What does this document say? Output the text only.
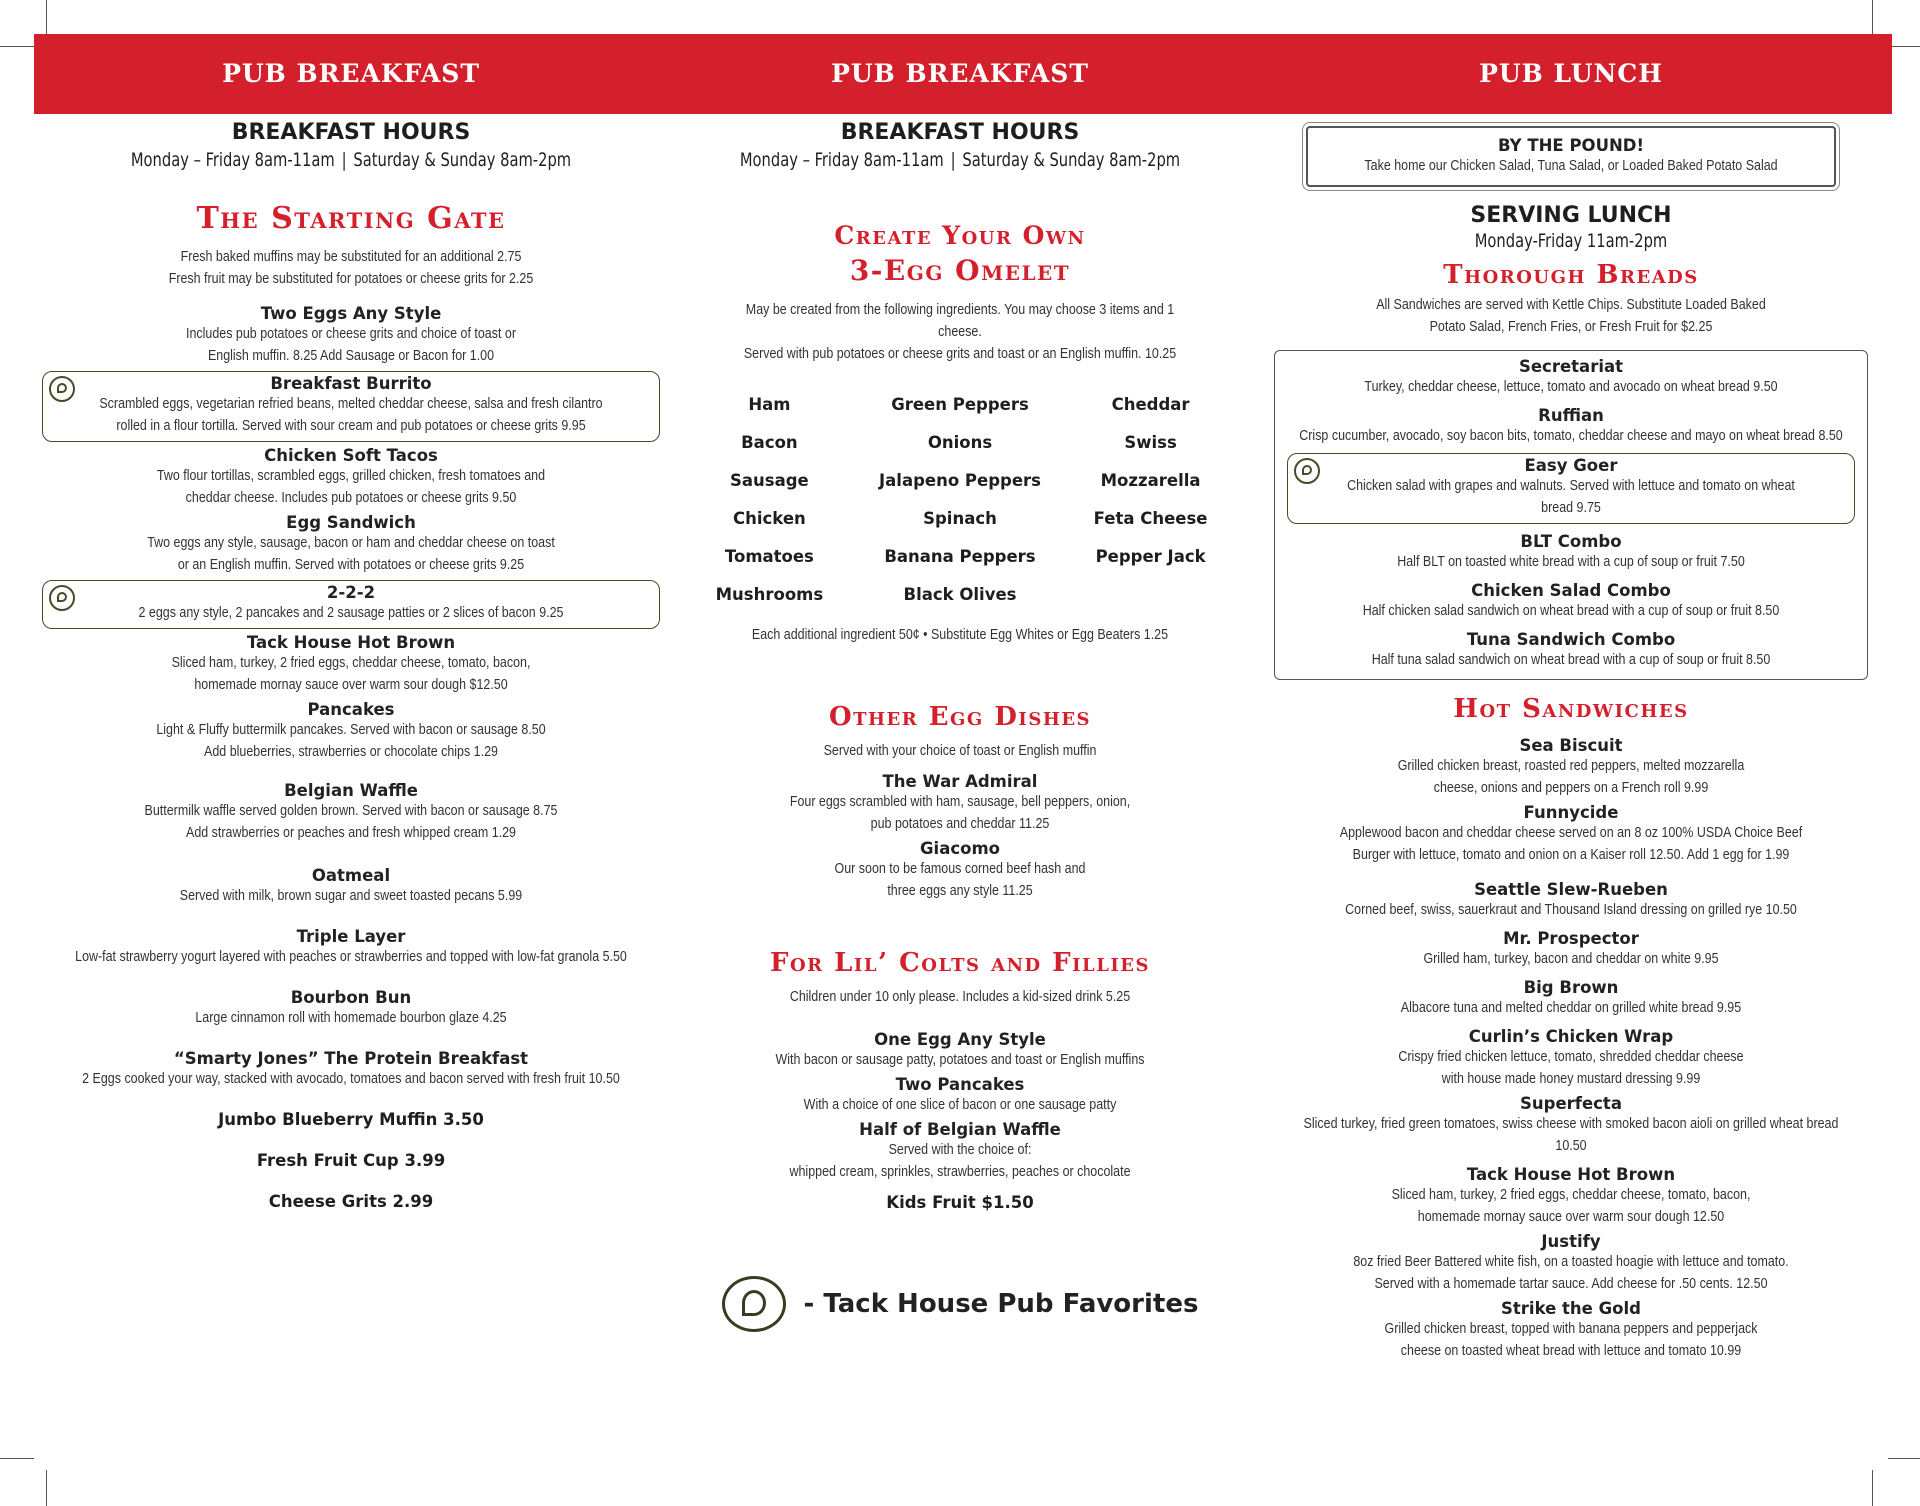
PUB BREAKFAST	PUB BREAKFAST	PUB LUNCH
BREAKFAST HOURS
Monday – Friday 8am-11am | Saturday & Sunday 8am-2pm
The Starting Gate
Fresh baked muffins may be substituted for an additional 2.75
Fresh fruit may be substituted for potatoes or cheese grits for 2.25
Two Eggs Any Style
Includes pub potatoes or cheese grits and choice of toast or
English muffin. 8.25 Add Sausage or Bacon for 1.00
Breakfast Burrito
Scrambled eggs, vegetarian refried beans, melted cheddar cheese, salsa and fresh cilantro
rolled in a flour tortilla. Served with sour cream and pub potatoes or cheese grits 9.95
Chicken Soft Tacos
Two flour tortillas, scrambled eggs, grilled chicken, fresh tomatoes and
cheddar cheese. Includes pub potatoes or cheese grits 9.50
Egg Sandwich
Two eggs any style, sausage, bacon or ham and cheddar cheese on toast
or an English muffin. Served with potatoes or cheese grits 9.25
2-2-2
2 eggs any style, 2 pancakes and 2 sausage patties or 2 slices of bacon 9.25
Tack House Hot Brown
Sliced ham, turkey, 2 fried eggs, cheddar cheese, tomato, bacon,
homemade mornay sauce over warm sour dough $12.50
Pancakes
Light & Fluffy buttermilk pancakes. Served with bacon or sausage 8.50
Add blueberries, strawberries or chocolate chips 1.29
Belgian Waffle
Buttermilk waffle served golden brown. Served with bacon or sausage 8.75
Add strawberries or peaches and fresh whipped cream 1.29
Oatmeal
Served with milk, brown sugar and sweet toasted pecans 5.99
Triple Layer
Low-fat strawberry yogurt layered with peaches or strawberries and topped with low-fat granola 5.50
Bourbon Bun
Large cinnamon roll with homemade bourbon glaze 4.25
“Smarty Jones” The Protein Breakfast
2 Eggs cooked your way, stacked with avocado, tomatoes and bacon served with fresh fruit 10.50
Jumbo Blueberry Muffin 3.50
Fresh Fruit Cup 3.99
Cheese Grits 2.99
BREAKFAST HOURS
Monday – Friday 8am-11am | Saturday & Sunday 8am-2pm
Create Your Own
3-Egg Omelet
May be created from the following ingredients. You may choose 3 items and 1 cheese.
Served with pub potatoes or cheese grits and toast or an English muffin. 10.25
Ham	Green Peppers	Cheddar
Bacon	Onions	Swiss
Sausage	Jalapeno Peppers	Mozzarella
Chicken	Spinach	Feta Cheese
Tomatoes	Banana Peppers	Pepper Jack
Mushrooms	Black Olives
Each additional ingredient 50¢ • Substitute Egg Whites or Egg Beaters 1.25
Other Egg Dishes
Served with your choice of toast or English muffin
The War Admiral
Four eggs scrambled with ham, sausage, bell peppers, onion,
pub potatoes and cheddar 11.25
Giacomo
Our soon to be famous corned beef hash and
three eggs any style 11.25
For Lil’ Colts and Fillies
Children under 10 only please. Includes a kid-sized drink 5.25
One Egg Any Style
With bacon or sausage patty, potatoes and toast or English muffins
Two Pancakes
With a choice of one slice of bacon or one sausage patty
Half of Belgian Waffle
Served with the choice of:
whipped cream, sprinkles, strawberries, peaches or chocolate
Kids Fruit $1.50
- Tack House Pub Favorites
BY THE POUND!
Take home our Chicken Salad, Tuna Salad, or Loaded Baked Potato Salad
SERVING LUNCH
Monday-Friday 11am-2pm
Thorough Breads
All Sandwiches are served with Kettle Chips. Substitute Loaded Baked
Potato Salad, French Fries, or Fresh Fruit for $2.25
Secretariat
Turkey, cheddar cheese, lettuce, tomato and avocado on wheat bread 9.50
Ruffian
Crisp cucumber, avocado, soy bacon bits, tomato, cheddar cheese and mayo on wheat bread 8.50
Easy Goer
Chicken salad with grapes and walnuts. Served with lettuce and tomato on wheat bread 9.75
BLT Combo
Half BLT on toasted white bread with a cup of soup or fruit 7.50
Chicken Salad Combo
Half chicken salad sandwich on wheat bread with a cup of soup or fruit 8.50
Tuna Sandwich Combo
Half tuna salad sandwich on wheat bread with a cup of soup or fruit 8.50
Hot Sandwiches
Sea Biscuit
Grilled chicken breast, roasted red peppers, melted mozzarella
cheese, onions and peppers on a French roll 9.99
Funnycide
Applewood bacon and cheddar cheese served on an 8 oz 100% USDA Choice Beef
Burger with lettuce, tomato and onion on a Kaiser roll 12.50. Add 1 egg for 1.99
Seattle Slew-Rueben
Corned beef, swiss, sauerkraut and Thousand Island dressing on grilled rye 10.50
Mr. Prospector
Grilled ham, turkey, bacon and cheddar on white 9.95
Big Brown
Albacore tuna and melted cheddar on grilled white bread 9.95
Curlin’s Chicken Wrap
Crispy fried chicken lettuce, tomato, shredded cheddar cheese
with house made honey mustard dressing 9.99
Superfecta
Sliced turkey, fried green tomatoes, swiss cheese with smoked bacon aioli on grilled wheat bread 10.50
Tack House Hot Brown
Sliced ham, turkey, 2 fried eggs, cheddar cheese, tomato, bacon,
homemade mornay sauce over warm sour dough 12.50
Justify
8oz fried Beer Battered white fish, on a toasted hoagie with lettuce and tomato.
Served with a homemade tartar sauce. Add cheese for .50 cents. 12.50
Strike the Gold
Grilled chicken breast, topped with banana peppers and pepperjack
cheese on toasted wheat bread with lettuce and tomato 10.99
